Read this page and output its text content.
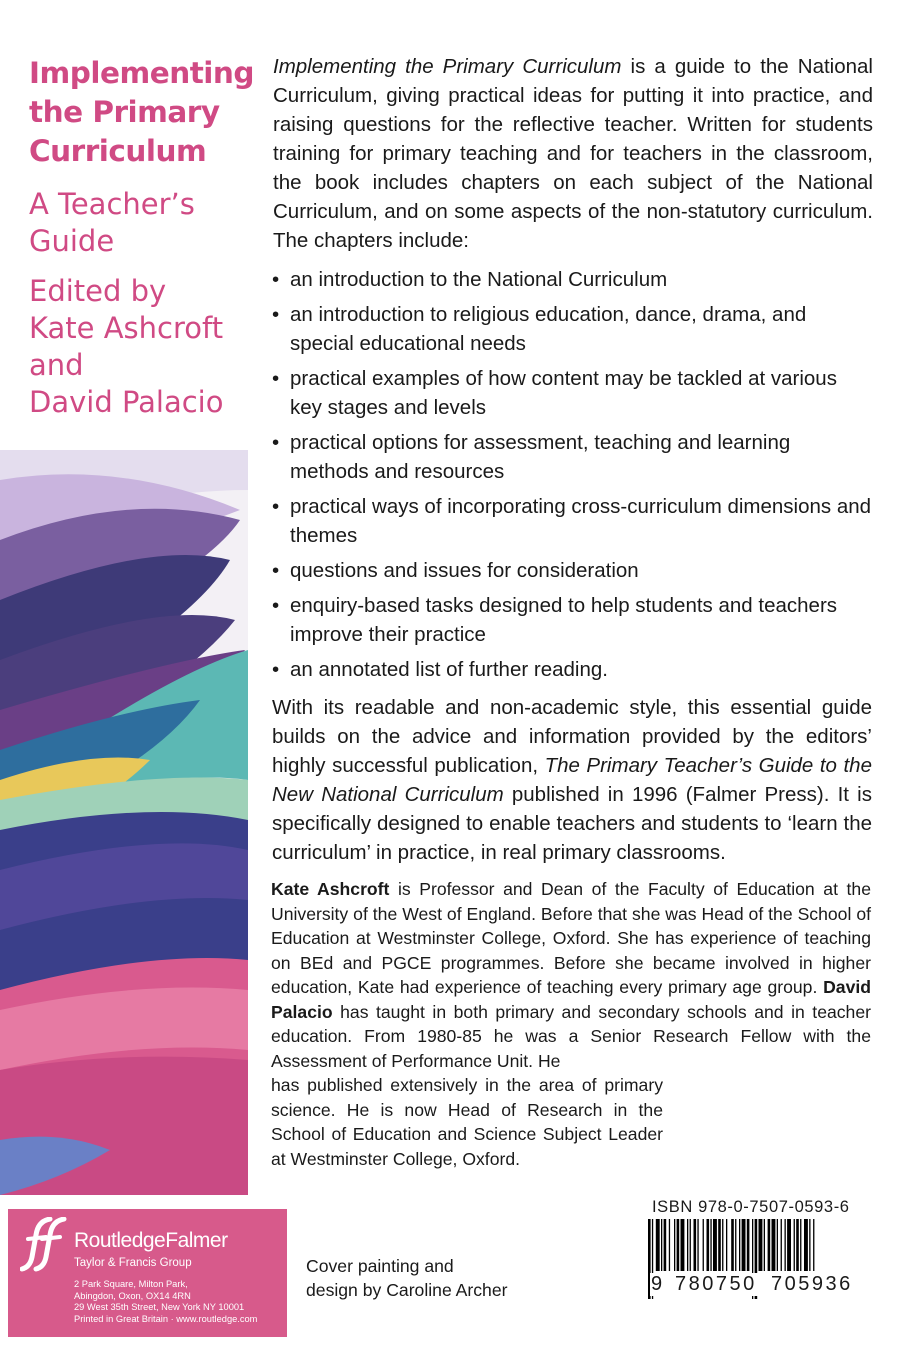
Implementing
the Primary
Curriculum
A Teacher’s
Guide
Edited by
Kate Ashcroft
and
David Palacio

Implementing the Primary Curriculum is a guide to the National Curriculum, giving practical ideas for putting it into practice, and raising questions for the reflective teacher. Written for students training for primary teaching and for teachers in the classroom, the book includes chapters on each subject of the National Curriculum, and on some aspects of the non-statutory curriculum. The chapters include:

• an introduction to the National Curriculum
• an introduction to religious education, dance, drama, and special educational needs
• practical examples of how content may be tackled at various key stages and levels
• practical options for assessment, teaching and learning methods and resources
• practical ways of incorporating cross-curriculum dimensions and themes
• questions and issues for consideration
• enquiry-based tasks designed to help students and teachers improve their practice
• an annotated list of further reading.

With its readable and non-academic style, this essential guide builds on the advice and information provided by the editors’ highly successful publication, The Primary Teacher’s Guide to the New National Curriculum published in 1996 (Falmer Press). It is specifically designed to enable teachers and students to ‘learn the curriculum’ in practice, in real primary classrooms.

Kate Ashcroft is Professor and Dean of the Faculty of Education at the University of the West of England. Before that she was Head of the School of Education at Westminster College, Oxford. She has experience of teaching on BEd and PGCE programmes. Before she became involved in higher education, Kate had experience of teaching every primary age group. David Palacio has taught in both primary and secondary schools and in teacher education. From 1980-85 he was a Senior Research Fellow with the Assessment of Performance Unit. He

has published extensively in the area of primary science. He is now Head of Research in the School of Education and Science Subject Leader at Westminster College, Oxford.

RoutledgeFalmer
Taylor & Francis Group
2 Park Square, Milton Park,
Abingdon, Oxon, OX14 4RN
29 West 35th Street, New York NY 10001
Printed in Great Britain · www.routledge.com

Cover painting and
design by Caroline Archer

ISBN 978-0-7507-0593-6
9 780750 705936
